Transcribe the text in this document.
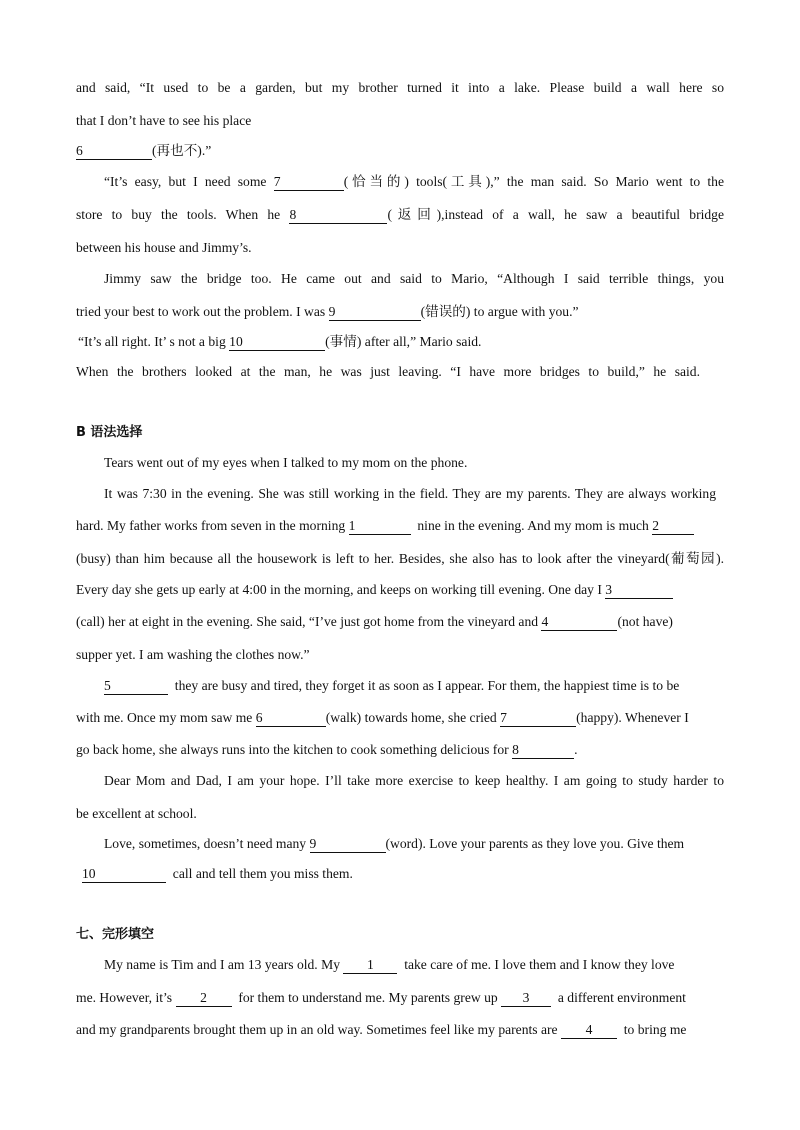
and said, “It used to be a garden, but my brother turned it into a lake. Please build a wall here so
that I don’t have to see his place
6	(再也不).”
“It’s easy, but I need some 7	(恰当的) tools(工具),” the man said. So Mario went to the
store to buy the tools. When he 8	(返回),instead of a wall, he saw a beautiful bridge
between his house and Jimmy’s.
Jimmy saw the bridge too. He came out and said to Mario, “Although I said terrible things, you
tried your best to work out the problem. I was 9	(错误的) to argue with you.”
“It’s all right. It’ s not a big 10	(事情) after all,” Mario said.
When the brothers looked at the man, he was just leaving. “I have more bridges to build,” he said.
B 语法选择
Tears went out of my eyes when I talked to my mom on the phone.
It was 7:30 in the evening. She was still working in the field. They are my parents. They are always working
hard. My father works from seven in the morning 1	nine in the evening. And my mom is much 2
(busy) than him because all the housework is left to her. Besides, she also has to look after the vineyard(葡萄园).
Every day she gets up early at 4:00 in the morning, and keeps on working till evening. One day I 3
(call) her at eight in the evening. She said, “I’ve just got home from the vineyard and 4	(not have)
supper yet. I am washing the clothes now.”
5	they are busy and tired, they forget it as soon as I appear. For them, the happiest time is to be
with me. Once my mom saw me 6	(walk) towards home, she cried 7	(happy). Whenever I
go back home, she always runs into the kitchen to cook something delicious for 8	.
Dear Mom and Dad, I am your hope. I’ll take more exercise to keep healthy. I am going to study harder to
be excellent at school.
Love, sometimes, doesn’t need many 9	(word). Love your parents as they love you. Give them
10	call and tell them you miss them.
七、完形填空
My name is Tim and I am 13 years old. My 1 take care of me. I love them and I know they love
me. However, it’s 2 for them to understand me. My parents grew up 3 a different environment
and my grandparents brought them up in an old way. Sometimes feel like my parents are 4 to bring me
